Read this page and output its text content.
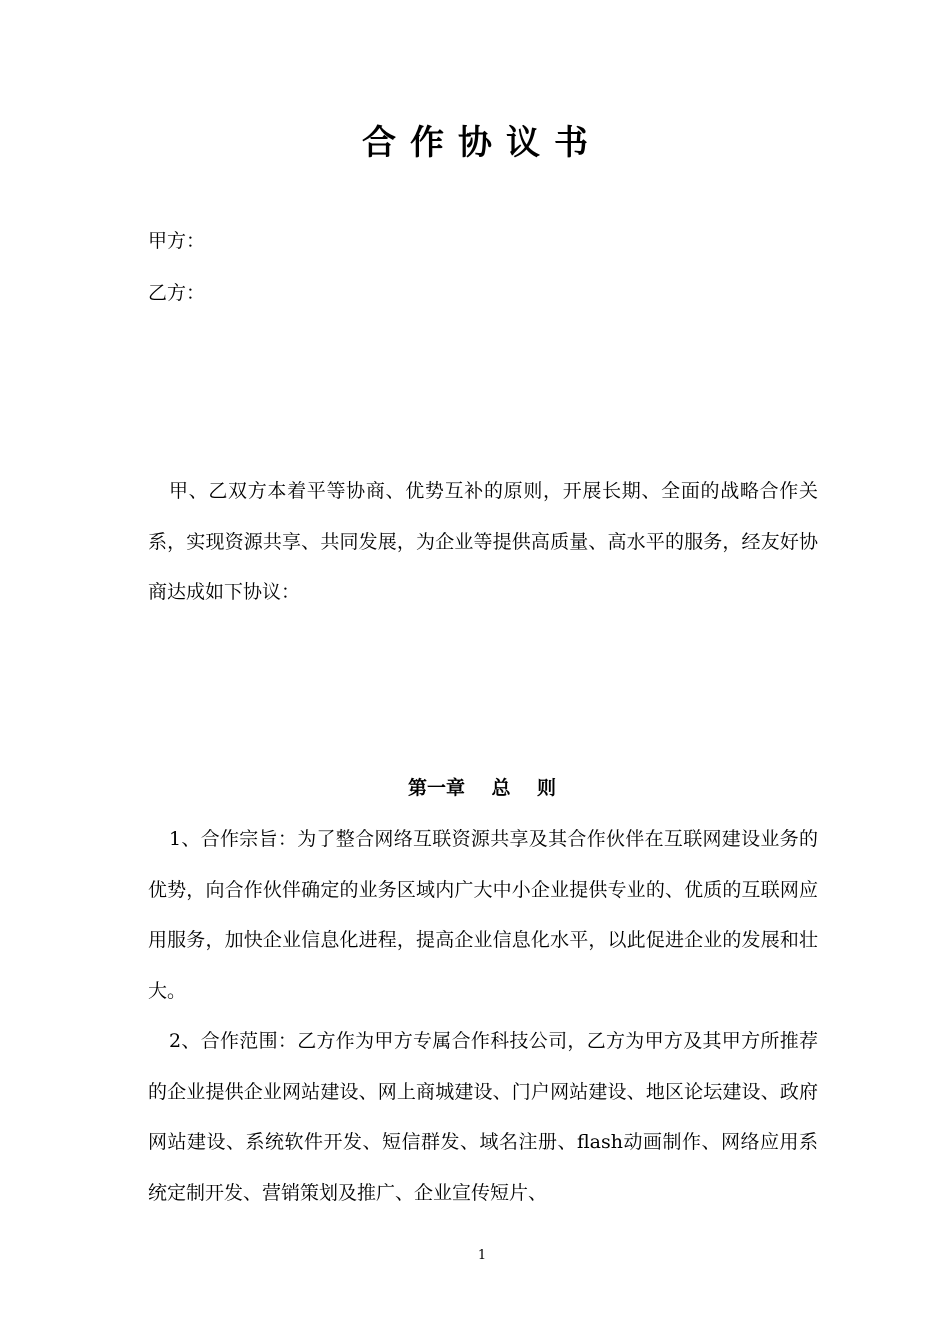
合作协议书
甲方：
乙方：

甲、乙双方本着平等协商、优势互补的原则，开展长期、全面的战略合作关系，实现资源共享、共同发展，为企业等提供高质量、高水平的服务，经友好协商达成如下协议：

第一章    总    则

1、合作宗旨：为了整合网络互联资源共享及其合作伙伴在互联网建设业务的优势，向合作伙伴确定的业务区域内广大中小企业提供专业的、优质的互联网应用服务，加快企业信息化进程，提高企业信息化水平，以此促进企业的发展和壮大。

2、合作范围：乙方作为甲方专属合作科技公司，乙方为甲方及其甲方所推荐的企业提供企业网站建设、网上商城建设、门户网站建设、地区论坛建设、政府网站建设、系统软件开发、短信群发、域名注册、flash动画制作、网络应用系统定制开发、营销策划及推广、企业宣传短片、

1
